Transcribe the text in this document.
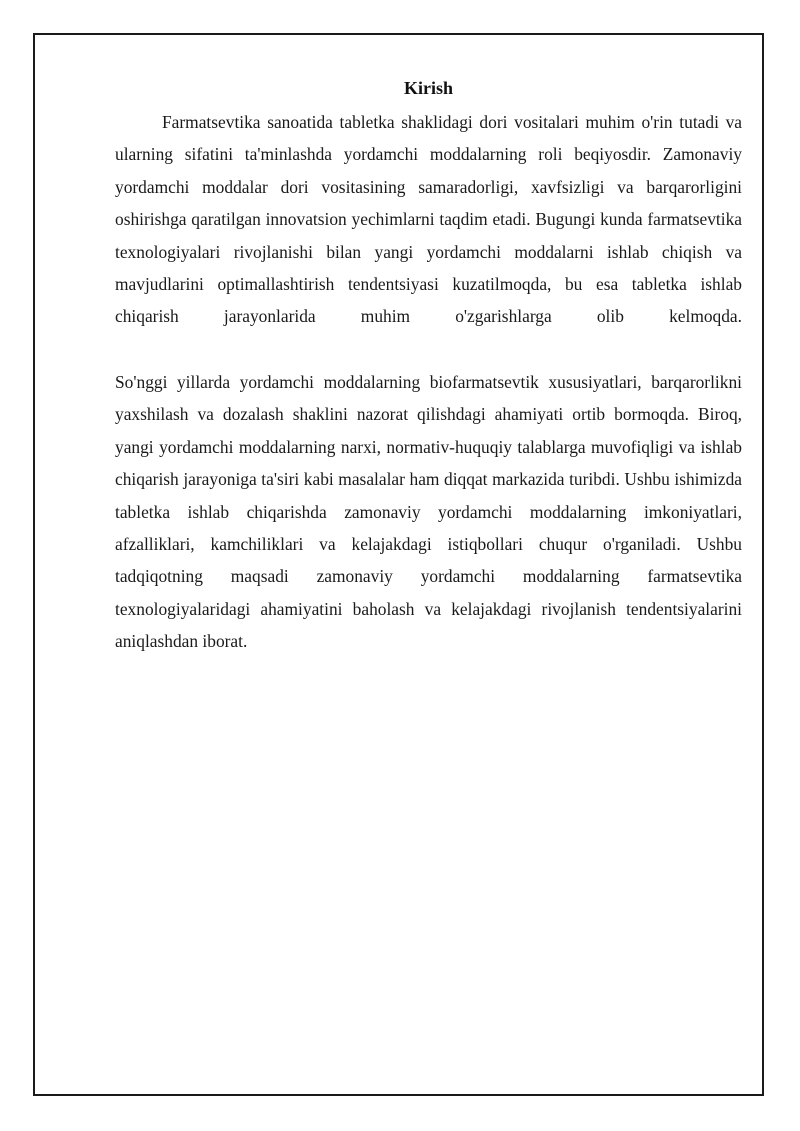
Kirish

Farmatsevtika sanoatida tabletka shaklidagi dori vositalari muhim o'rin tutadi va ularning sifatini ta'minlashda yordamchi moddalarning roli beqiyosdir. Zamonaviy yordamchi moddalar dori vositasining samaradorligi, xavfsizligi va barqarorligini oshirishga qaratilgan innovatsion yechimlarni taqdim etadi. Bugungi kunda farmatsevtika texnologiyalari rivojlanishi bilan yangi yordamchi moddalarni ishlab chiqish va mavjudlarini optimallashtirish tendentsiyasi kuzatilmoqda, bu esa tabletka ishlab chiqarish jarayonlarida muhim o'zgarishlarga olib kelmoqda.

So'nggi yillarda yordamchi moddalarning biofarmatsevtik xususiyatlari, barqarorlikni yaxshilash va dozalash shaklini nazorat qilishdagi ahamiyati ortib bormoqda. Biroq, yangi yordamchi moddalarning narxi, normativ-huquqiy talablarga muvofiqligi va ishlab chiqarish jarayoniga ta'siri kabi masalalar ham diqqat markazida turibdi. Ushbu ishimizda tabletka ishlab chiqarishda zamonaviy yordamchi moddalarning imkoniyatlari, afzalliklari, kamchiliklari va kelajakdagi istiqbollari chuqur o'rganiladi. Ushbu tadqiqotning maqsadi zamonaviy yordamchi moddalarning farmatsevtika texnologiyalaridagi ahamiyatini baholash va kelajakdagi rivojlanish tendentsiyalarini aniqlashdan iborat.
